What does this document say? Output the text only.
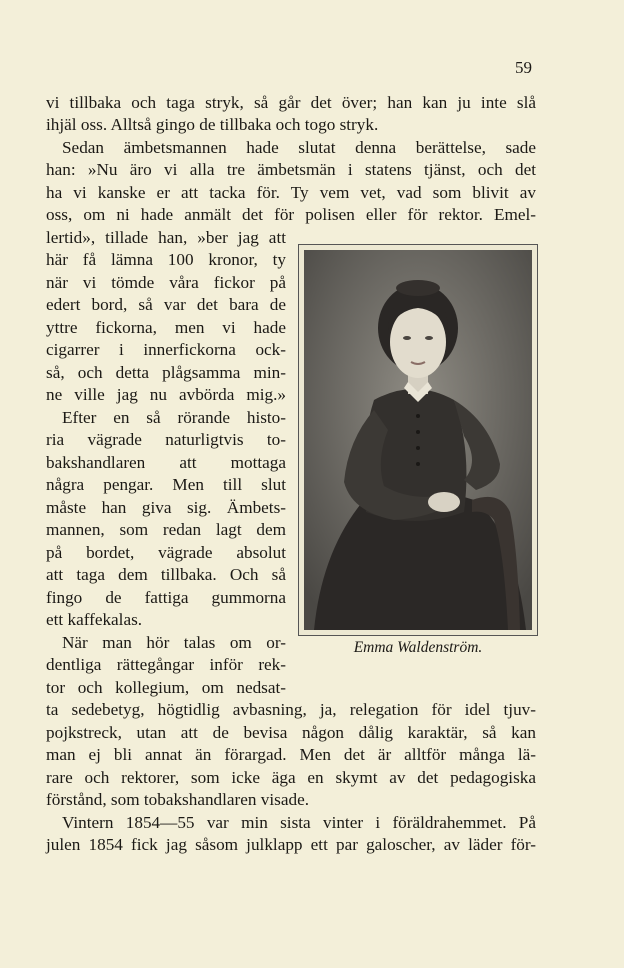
59
vi tillbaka och taga stryk, så går det över; han kan ju inte slå
ihjäl oss. Alltså gingo de tillbaka och togo stryk.
Sedan ämbetsmannen hade slutat denna berättelse, sade
han: »Nu äro vi alla tre ämbetsmän i statens tjänst, och det
ha vi kanske er att tacka för. Ty vem vet, vad som blivit av
oss, om ni hade anmält det för polisen eller för rektor. Emel-
lertid», tillade han, »ber jag att
här få lämna 100 kronor, ty
när vi tömde våra fickor på
edert bord, så var det bara de
yttre fickorna, men vi hade
cigarrer i innerfickorna ock-
så, och detta plågsamma min-
ne ville jag nu avbörda mig.»
Efter en så rörande histo-
ria vägrade naturligtvis to-
bakshandlaren att mottaga
några pengar. Men till slut
måste han giva sig. Ämbets-
mannen, som redan lagt dem
på bordet, vägrade absolut
att taga dem tillbaka. Och så
fingo de fattiga gummorna
ett kaffekalas.
När man hör talas om or-
dentliga rättegångar inför rek-
tor och kollegium, om nedsat-
ta sedebetyg, högtidlig avbasning, ja, relegation för idel tjuv-
pojkstreck, utan att de bevisa någon dålig karaktär, så kan
man ej bli annat än förargad. Men det är alltför många lä-
rare och rektorer, som icke äga en skymt av det pedagogiska
förstånd, som tobakshandlaren visade.
Vintern 1854—55 var min sista vinter i föräldrahemmet. På
julen 1854 fick jag såsom julklapp ett par galoscher, av läder för-
Emma Waldenström.
